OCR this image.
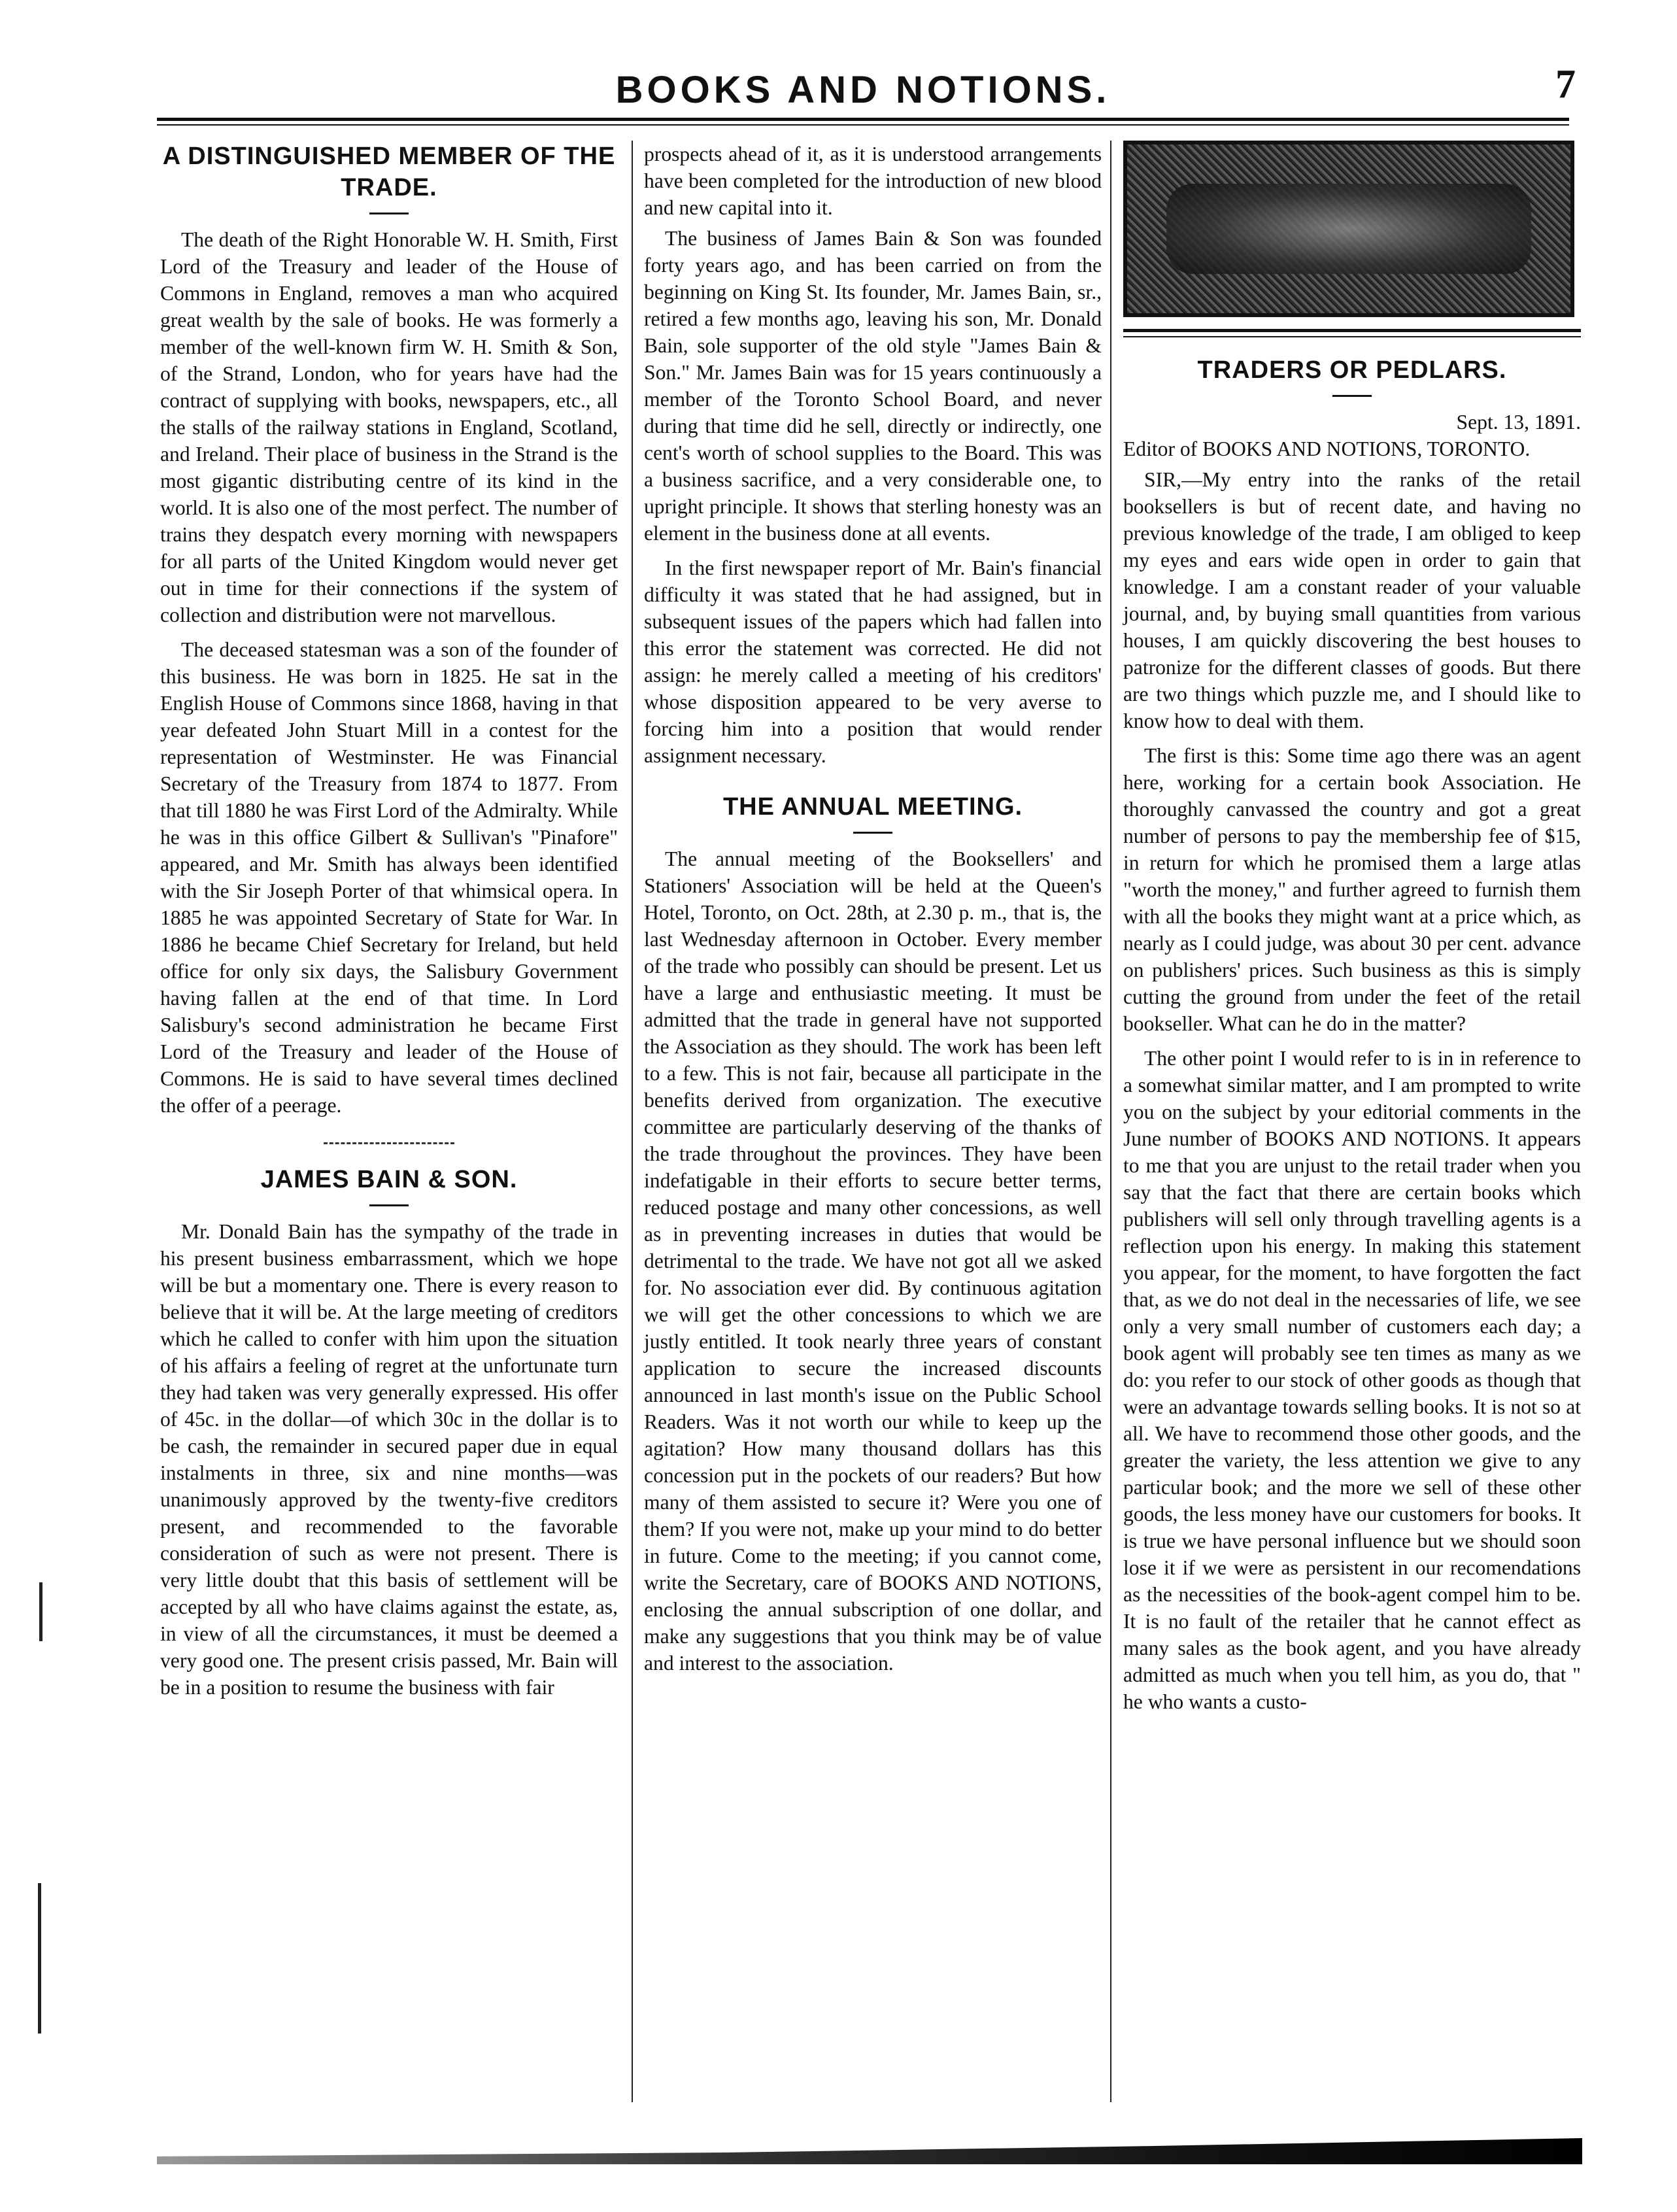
BOOKS AND NOTIONS.	7
A DISTINGUISHED MEMBER OF THE TRADE.

The death of the Right Honorable W. H. Smith, First Lord of the Treasury and leader of the House of Commons in England, removes a man who acquired great wealth by the sale of books. He was formerly a member of the well-known firm W. H. Smith & Son, of the Strand, London, who for years have had the contract of supplying with books, newspapers, etc., all the stalls of the railway stations in England, Scotland, and Ireland. Their place of business in the Strand is the most gigantic distributing centre of its kind in the world. It is also one of the most perfect. The number of trains they despatch every morning with newspapers for all parts of the United Kingdom would never get out in time for their connections if the system of collection and distribution were not marvellous.

The deceased statesman was a son of the founder of this business. He was born in 1825. He sat in the English House of Commons since 1868, having in that year defeated John Stuart Mill in a contest for the representation of Westminster. He was Financial Secretary of the Treasury from 1874 to 1877. From that till 1880 he was First Lord of the Admiralty. While he was in this office Gilbert & Sullivan's "Pinafore" appeared, and Mr. Smith has always been identified with the Sir Joseph Porter of that whimsical opera. In 1885 he was appointed Secretary of State for War. In 1886 he became Chief Secretary for Ireland, but held office for only six days, the Salisbury Government having fallen at the end of that time. In Lord Salisbury's second administration he became First Lord of the Treasury and leader of the House of Commons. He is said to have several times declined the offer of a peerage.

JAMES BAIN & SON.

Mr. Donald Bain has the sympathy of the trade in his present business embarrassment, which we hope will be but a momentary one. There is every reason to believe that it will be. At the large meeting of creditors which he called to confer with him upon the situation of his affairs a feeling of regret at the unfortunate turn they had taken was very generally expressed. His offer of 45c. in the dollar—of which 30c in the dollar is to be cash, the remainder in secured paper due in equal instalments in three, six and nine months—was unanimously approved by the twenty-five creditors present, and recommended to the favorable consideration of such as were not present. There is very little doubt that this basis of settlement will be accepted by all who have claims against the estate, as, in view of all the circumstances, it must be deemed a very good one. The present crisis passed, Mr. Bain will be in a position to resume the business with fair

prospects ahead of it, as it is understood arrangements have been completed for the introduction of new blood and new capital into it.

The business of James Bain & Son was founded forty years ago, and has been carried on from the beginning on King St. Its founder, Mr. James Bain, sr., retired a few months ago, leaving his son, Mr. Donald Bain, sole supporter of the old style "James Bain & Son." Mr. James Bain was for 15 years continuously a member of the Toronto School Board, and never during that time did he sell, directly or indirectly, one cent's worth of school supplies to the Board. This was a business sacrifice, and a very considerable one, to upright principle. It shows that sterling honesty was an element in the business done at all events.

In the first newspaper report of Mr. Bain's financial difficulty it was stated that he had assigned, but in subsequent issues of the papers which had fallen into this error the statement was corrected. He did not assign: he merely called a meeting of his creditors' whose disposition appeared to be very averse to forcing him into a position that would render assignment necessary.

THE ANNUAL MEETING.

The annual meeting of the Booksellers' and Stationers' Association will be held at the Queen's Hotel, Toronto, on Oct. 28th, at 2.30 p. m., that is, the last Wednesday afternoon in October. Every member of the trade who possibly can should be present. Let us have a large and enthusiastic meeting. It must be admitted that the trade in general have not supported the Association as they should. The work has been left to a few. This is not fair, because all participate in the benefits derived from organization. The executive committee are particularly deserving of the thanks of the trade throughout the provinces. They have been indefatigable in their efforts to secure better terms, reduced postage and many other concessions, as well as in preventing increases in duties that would be detrimental to the trade. We have not got all we asked for. No association ever did. By continuous agitation we will get the other concessions to which we are justly entitled. It took nearly three years of constant application to secure the increased discounts announced in last month's issue on the Public School Readers. Was it not worth our while to keep up the agitation? How many thousand dollars has this concession put in the pockets of our readers? But how many of them assisted to secure it? Were you one of them? If you were not, make up your mind to do better in future. Come to the meeting; if you cannot come, write the Secretary, care of BOOKS AND NOTIONS, enclosing the annual subscription of one dollar, and make any suggestions that you think may be of value and interest to the association.

TRADERS OR PEDLARS.

Sept. 13, 1891.

Editor of BOOKS AND NOTIONS, TORONTO.

SIR,—My entry into the ranks of the retail booksellers is but of recent date, and having no previous knowledge of the trade, I am obliged to keep my eyes and ears wide open in order to gain that knowledge. I am a constant reader of your valuable journal, and, by buying small quantities from various houses, I am quickly discovering the best houses to patronize for the different classes of goods. But there are two things which puzzle me, and I should like to know how to deal with them.

The first is this: Some time ago there was an agent here, working for a certain book Association. He thoroughly canvassed the country and got a great number of persons to pay the membership fee of $15, in return for which he promised them a large atlas "worth the money," and further agreed to furnish them with all the books they might want at a price which, as nearly as I could judge, was about 30 per cent. advance on publishers' prices. Such business as this is simply cutting the ground from under the feet of the retail bookseller. What can he do in the matter?

The other point I would refer to is in in reference to a somewhat similar matter, and I am prompted to write you on the subject by your editorial comments in the June number of BOOKS AND NOTIONS. It appears to me that you are unjust to the retail trader when you say that the fact that there are certain books which publishers will sell only through travelling agents is a reflection upon his energy. In making this statement you appear, for the moment, to have forgotten the fact that, as we do not deal in the necessaries of life, we see only a very small number of customers each day; a book agent will probably see ten times as many as we do: you refer to our stock of other goods as though that were an advantage towards selling books. It is not so at all. We have to recommend those other goods, and the greater the variety, the less attention we give to any particular book; and the more we sell of these other goods, the less money have our customers for books. It is true we have personal influence but we should soon lose it if we were as persistent in our recomendations as the necessities of the book-agent compel him to be. It is no fault of the retailer that he cannot effect as many sales as the book agent, and you have already admitted as much when you tell him, as you do, that " he who wants a custo-
